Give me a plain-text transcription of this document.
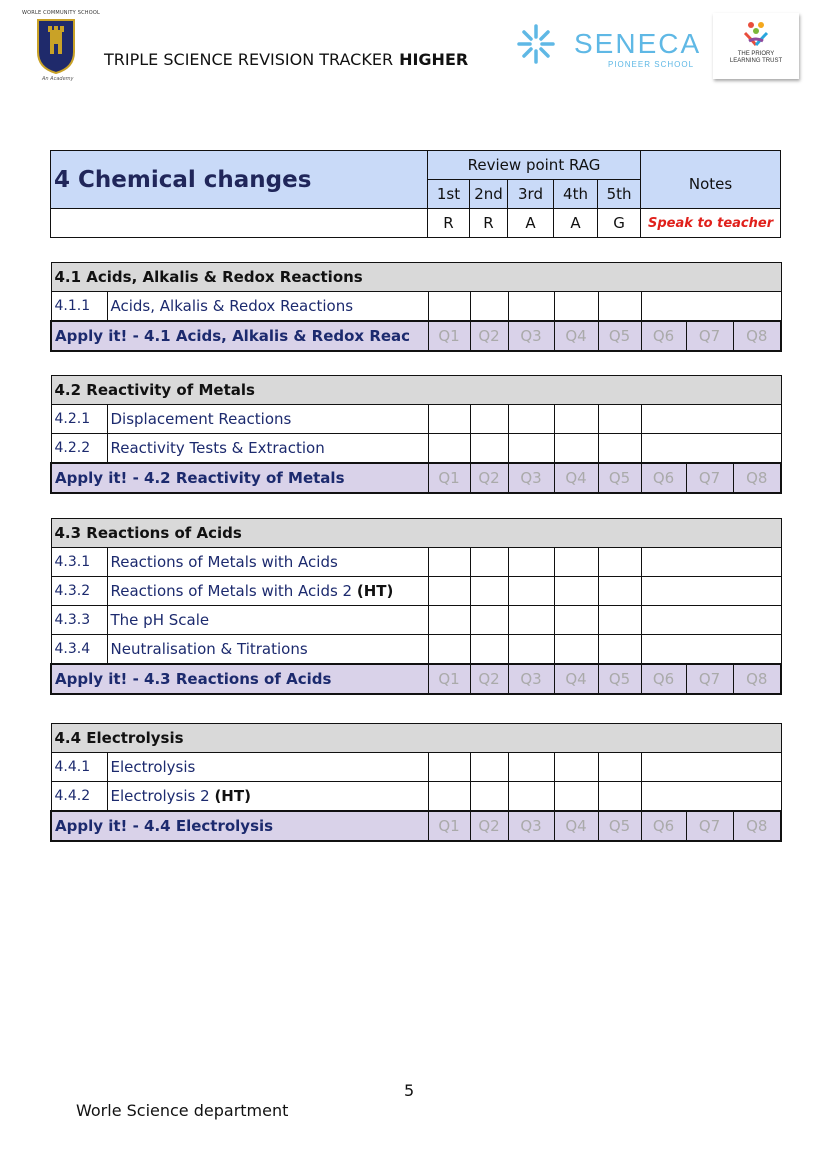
WORLE COMMUNITY SCHOOL
An Academy
TRIPLE SCIENCE REVISION TRACKER HIGHER
SENECA
PIONEER SCHOOL
THE PRIORY
LEARNING TRUST
4 Chemical changes	Review point RAG					Notes
	1st	2nd	3rd	4th	5th	
	R	R	A	A	G	Speak to teacher
4.1 Acids, Alkalis & Redox Reactions									
4.1.1	Acids, Alkalis & Redox Reactions								
Apply it! - 4.1 Acids, Alkalis & Redox Reac		Q1	Q2	Q3	Q4	Q5	Q6	Q7	Q8
4.2 Reactivity of Metals									
4.2.1	Displacement Reactions								
4.2.2	Reactivity Tests & Extraction								
Apply it! - 4.2 Reactivity of Metals		Q1	Q2	Q3	Q4	Q5	Q6	Q7	Q8
4.3 Reactions of Acids									
4.3.1	Reactions of Metals with Acids								
4.3.2	Reactions of Metals with Acids 2 (HT)								
4.3.3	The pH Scale								
4.3.4	Neutralisation & Titrations								
Apply it! - 4.3 Reactions of Acids		Q1	Q2	Q3	Q4	Q5	Q6	Q7	Q8
4.4 Electrolysis									
4.4.1	Electrolysis								
4.4.2	Electrolysis 2 (HT)								
Apply it! - 4.4 Electrolysis		Q1	Q2	Q3	Q4	Q5	Q6	Q7	Q8
5
Worle Science department
